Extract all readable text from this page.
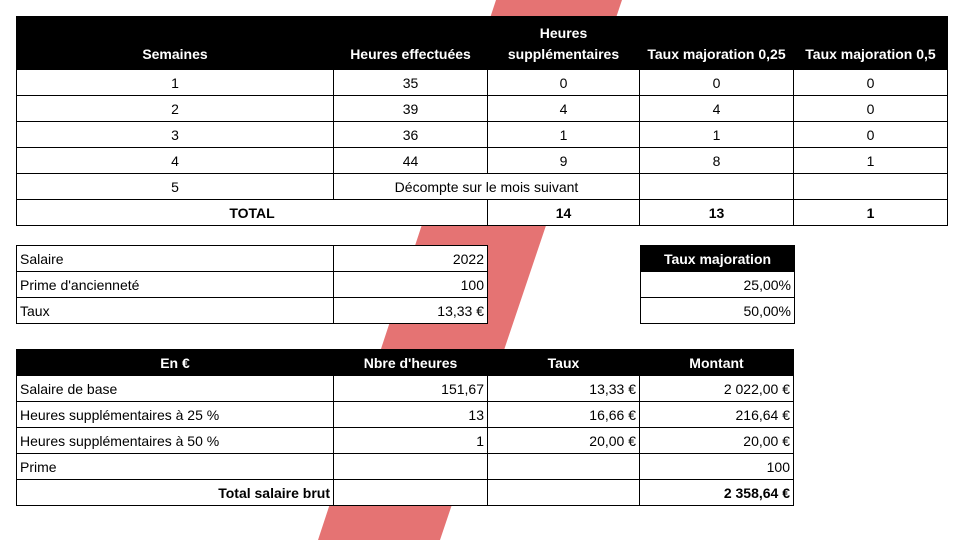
Semaines	Heures effectuées	Heures supplémentaires	Taux majoration 0,25	Taux majoration 0,5
1	35	0	0	0
2	39	4	4	0
3	36	1	1	0
4	44	9	8	1
5	Décompte sur le mois suivant			
TOTAL		14	13	1
Salaire	2022
Prime d'ancienneté	100
Taux	13,33 €
Taux majoration
25,00%
50,00%
En €	Nbre d'heures	Taux	Montant
Salaire de base	151,67	13,33 €	2 022,00 €
Heures supplémentaires à 25 %	13	16,66 €	216,64 €
Heures supplémentaires à 50 %	1	20,00 €	20,00 €
Prime			100
Total salaire brut			2 358,64 €
